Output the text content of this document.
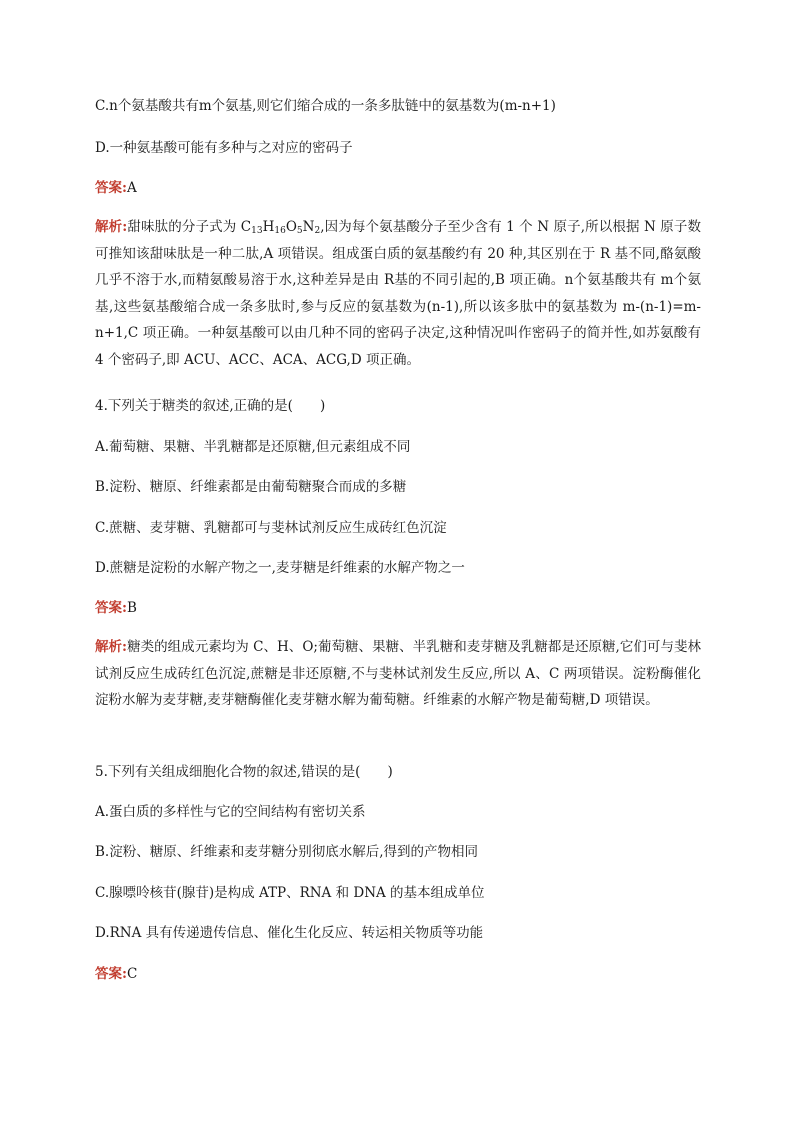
C.n个氨基酸共有m个氨基,则它们缩合成的一条多肽链中的氨基数为(m-n+1)
D.一种氨基酸可能有多种与之对应的密码子
答案:A
解析:甜味肽的分子式为 $C_{13}H_{16}O_5N_2$,因为每个氨基酸分子至少含有 1 个 N 原子,所以根据 N 原子数可推知该甜味肽是一种二肽,A 项错误。组成蛋白质的氨基酸约有 20 种,其区别在于 R 基不同,酪氨酸几乎不溶于水,而精氨酸易溶于水,这种差异是由 R基的不同引起的,B 项正确。n个氨基酸共有 m个氨基,这些氨基酸缩合成一条多肽时,参与反应的氨基数为(n-1),所以该多肽中的氨基数为 m-(n-1)=m-n+1,C 项正确。一种氨基酸可以由几种不同的密码子决定,这种情况叫作密码子的简并性,如苏氨酸有 4 个密码子,即 ACU、ACC、ACA、ACG,D 项正确。
4.下列关于糖类的叙述,正确的是(　　)
A.葡萄糖、果糖、半乳糖都是还原糖,但元素组成不同
B.淀粉、糖原、纤维素都是由葡萄糖聚合而成的多糖
C.蔗糖、麦芽糖、乳糖都可与斐林试剂反应生成砖红色沉淀
D.蔗糖是淀粉的水解产物之一,麦芽糖是纤维素的水解产物之一
答案:B
解析:糖类的组成元素均为 C、H、O;葡萄糖、果糖、半乳糖和麦芽糖及乳糖都是还原糖,它们可与斐林试剂反应生成砖红色沉淀,蔗糖是非还原糖,不与斐林试剂发生反应,所以 A、C 两项错误。淀粉酶催化淀粉水解为麦芽糖,麦芽糖酶催化麦芽糖水解为葡萄糖。纤维素的水解产物是葡萄糖,D 项错误。
5.下列有关组成细胞化合物的叙述,错误的是(　　)
A.蛋白质的多样性与它的空间结构有密切关系
B.淀粉、糖原、纤维素和麦芽糖分别彻底水解后,得到的产物相同
C.腺嘌呤核苷(腺苷)是构成 ATP、RNA 和 DNA 的基本组成单位
D.RNA 具有传递遗传信息、催化生化反应、转运相关物质等功能
答案:C
